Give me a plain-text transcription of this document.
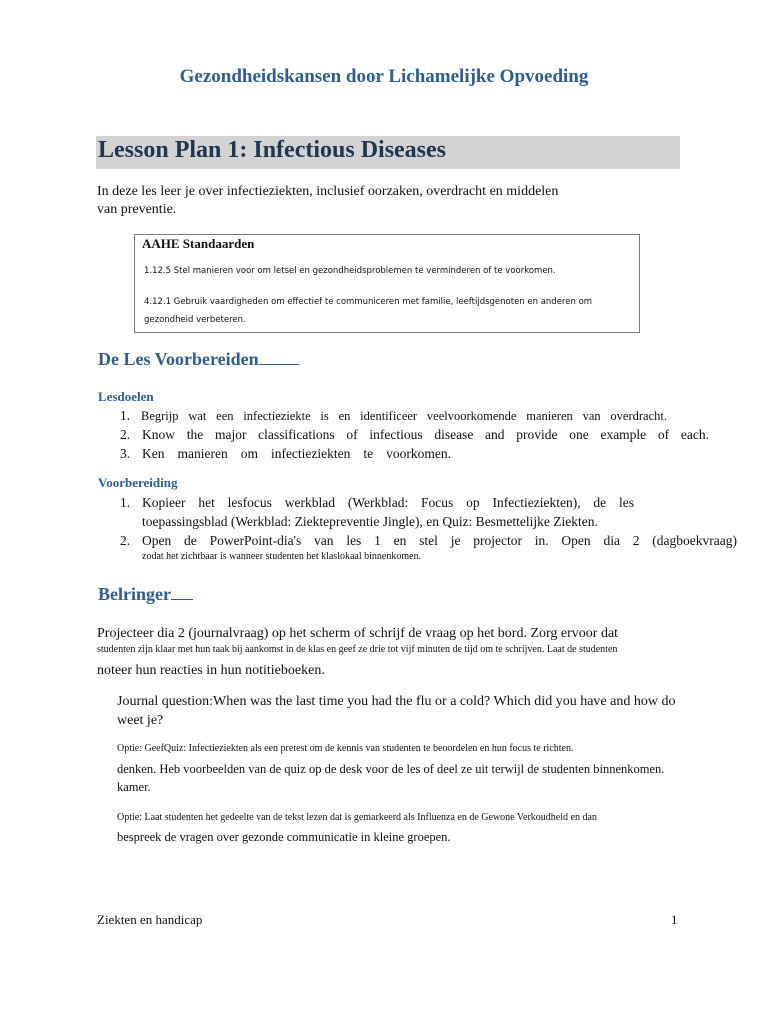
Gezondheidskansen door Lichamelijke Opvoeding
Lesson Plan 1: Infectious Diseases
In deze les leer je over infectieziekten, inclusief oorzaken, overdracht en middelen van preventie.
AAHE Standaarden
1.12.5 Stel manieren voor om letsel en gezondheidsproblemen te verminderen of te voorkomen.
4.12.1 Gebruik vaardigheden om effectief te communiceren met familie, leeftijdsgenoten en anderen om
gezondheid verbeteren.
De Les Voorbereiden
Lesdoelen
1. Begrijp wat een infectieziekte is en identificeer veelvoorkomende manieren van overdracht.
2. Know the major classifications of infectious disease and provide one example of each.
3. Ken manieren om infectieziekten te voorkomen.
Voorbereiding
1. Kopieer het lesfocus werkblad (Werkblad: Focus op Infectieziekten), de les
toepassingsblad (Werkblad: Ziektepreventie Jingle), en Quiz: Besmettelijke Ziekten.
2. Open de PowerPoint-dia's van les 1 en stel je projector in. Open dia 2 (dagboekvraag)
zodat het zichtbaar is wanneer studenten het klaslokaal binnenkomen.
Belringer
Projecteer dia 2 (journalvraag) op het scherm of schrijf de vraag op het bord. Zorg ervoor dat
studenten zijn klaar met hun taak bij aankomst in de klas en geef ze drie tot vijf minuten de tijd om te schrijven. Laat de studenten
noteer hun reacties in hun notitieboeken.
Journal question:When was the last time you had the flu or a cold? Which did you have and how do
weet je?
Optie: GeefQuiz: Infectieziekten als een pretest om de kennis van studenten te beoordelen en hun focus te richten.
denken. Heb voorbeelden van de quiz op de desk voor de les of deel ze uit terwijl de studenten binnenkomen.
kamer.
Optie: Laat studenten het gedeelte van de tekst lezen dat is gemarkeerd als Influenza en de Gewone Verkoudheid en dan
bespreek de vragen over gezonde communicatie in kleine groepen.
Ziekten en handicap	1
